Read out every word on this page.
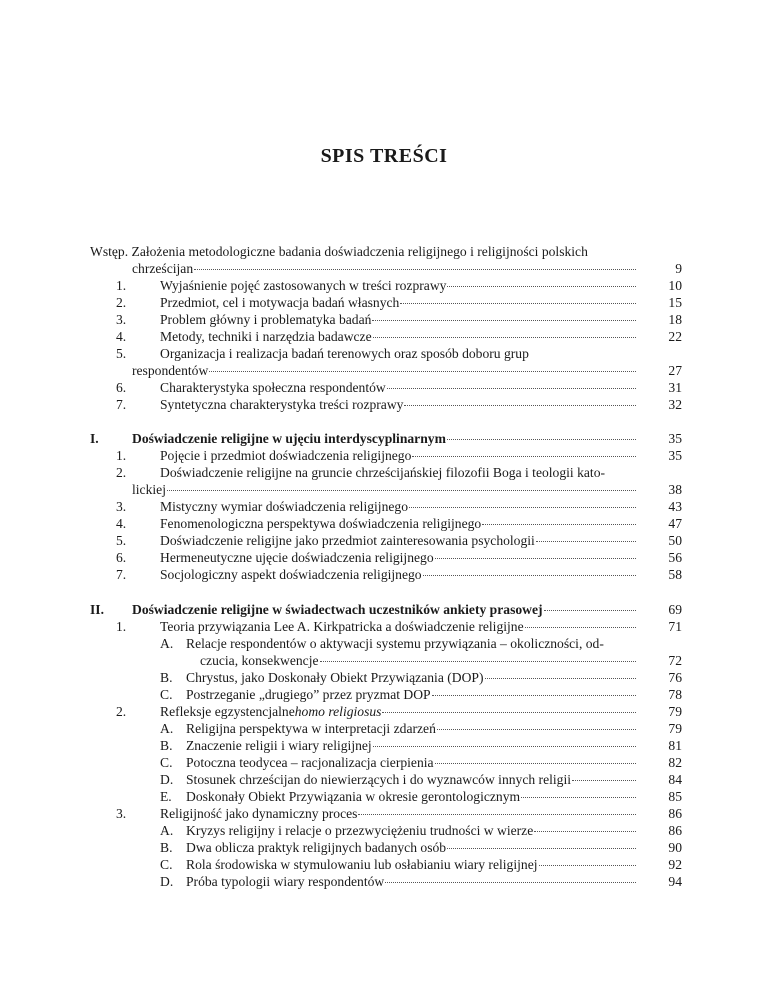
SPIS TREŚCI
Wstęp. Założenia metodologiczne badania doświadczenia religijnego i religijności polskich
chrześcijan	9
1. Wyjaśnienie pojęć zastosowanych w treści rozprawy	10
2. Przedmiot, cel i motywacja badań własnych	15
3. Problem główny i problematyka badań	18
4. Metody, techniki i narzędzia badawcze	22
5. Organizacja i realizacja badań terenowych oraz sposób doboru grup
respondentów	27
6. Charakterystyka społeczna respondentów	31
7. Syntetyczna charakterystyka treści rozprawy	32
I. Doświadczenie religijne w ujęciu interdyscyplinarnym	35
1. Pojęcie i przedmiot doświadczenia religijnego	35
2. Doświadczenie religijne na gruncie chrześcijańskiej filozofii Boga i teologii kato-
lickiej	38
3. Mistyczny wymiar doświadczenia religijnego	43
4. Fenomenologiczna perspektywa doświadczenia religijnego	47
5. Doświadczenie religijne jako przedmiot zainteresowania psychologii	50
6. Hermeneutyczne ujęcie doświadczenia religijnego	56
7. Socjologiczny aspekt doświadczenia religijnego	58
II. Doświadczenie religijne w świadectwach uczestników ankiety prasowej	69
1. Teoria przywiązania Lee A. Kirkpatricka a doświadczenie religijne	71
A. Relacje respondentów o aktywacji systemu przywiązania – okoliczności, od-
czucia, konsekwencje	72
B. Chrystus, jako Doskonały Obiekt Przywiązania (DOP)	76
C. Postrzeganie „drugiego” przez pryzmat DOP	78
2. Refleksje egzystencjalne homo religiosus	79
A. Religijna perspektywa w interpretacji zdarzeń	79
B. Znaczenie religii i wiary religijnej	81
C. Potoczna teodycea – racjonalizacja cierpienia	82
D. Stosunek chrześcijan do niewierzących i do wyznawców innych religii	84
E. Doskonały Obiekt Przywiązania w okresie gerontologicznym	85
3. Religijność jako dynamiczny proces	86
A. Kryzys religijny i relacje o przezwyciężeniu trudności w wierze	86
B. Dwa oblicza praktyk religijnych badanych osób	90
C. Rola środowiska w stymulowaniu lub osłabianiu wiary religijnej	92
D. Próba typologii wiary respondentów	94
